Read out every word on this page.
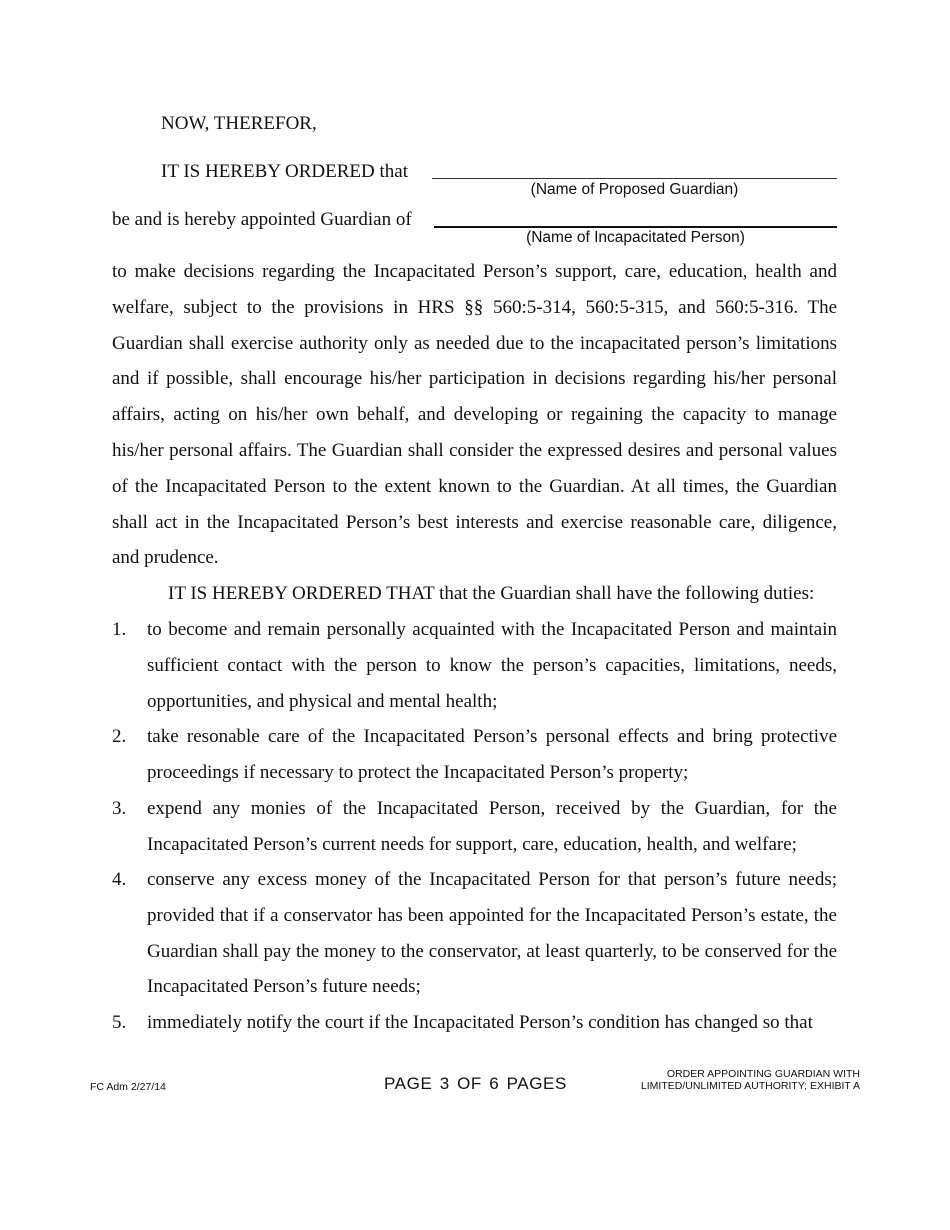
NOW, THEREFOR,
IT IS HEREBY ORDERED that
(Name of Proposed Guardian)
be and is hereby appointed Guardian of
(Name of Incapacitated Person)
to make decisions regarding the Incapacitated Person’s support, care, education, health and welfare, subject to the provisions in HRS §§ 560:5-314, 560:5-315, and 560:5-316. The Guardian shall exercise authority only as needed due to the incapacitated person’s limitations and if possible, shall encourage his/her participation in decisions regarding his/her personal affairs, acting on his/her own behalf, and developing or regaining the capacity to manage his/her personal affairs. The Guardian shall consider the expressed desires and personal values of the Incapacitated Person to the extent known to the Guardian. At all times, the Guardian shall act in the Incapacitated Person’s best interests and exercise reasonable care, diligence, and prudence.
IT IS HEREBY ORDERED THAT that the Guardian shall have the following duties:
1.	to become and remain personally acquainted with the Incapacitated Person and maintain sufficient contact with the person to know the person’s capacities, limitations, needs, opportunities, and physical and mental health;
2.	take resonable care of the Incapacitated Person’s personal effects and bring protective proceedings if necessary to protect the Incapacitated Person’s property;
3.	expend any monies of the Incapacitated Person, received by the Guardian, for the Incapacitated Person’s current needs for support, care, education, health, and welfare;
4.	conserve any excess money of the Incapacitated Person for that person’s future needs; provided that if a conservator has been appointed for the Incapacitated Person’s estate, the Guardian shall pay the money to the conservator, at least quarterly, to be conserved for the Incapacitated Person’s future needs;
5.	immediately notify the court if the Incapacitated Person’s condition has changed so that
FC Adm 2/27/14	PAGE 3 OF 6 PAGES	ORDER APPOINTING GUARDIAN WITH
LIMITED/UNLIMITED AUTHORITY; EXHIBIT A
